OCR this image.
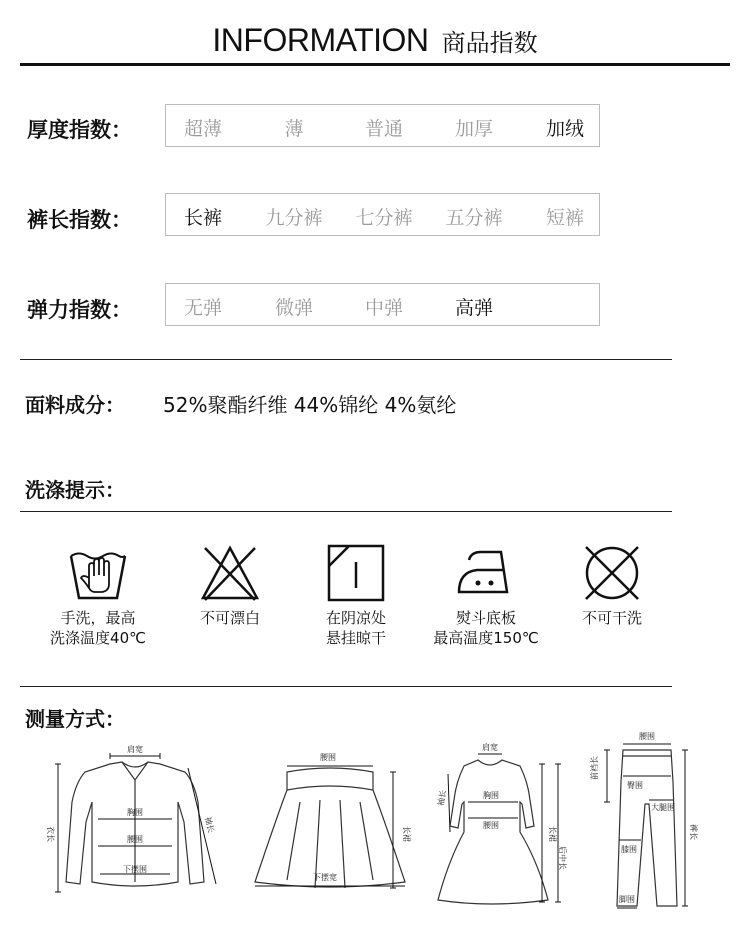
INFORMATION 商品指数
厚度指数：	超薄	薄	普通	加厚	加绒
裤长指数：	长裤	九分裤	七分裤	五分裤	短裤
弹力指数：	无弹	微弹	中弹	高弹
面料成分： 52%聚酯纤维 44%锦纶 4%氨纶
洗涤提示：
手洗，最高
洗涤温度40℃
不可漂白	在阴凉处
悬挂晾干
熨斗底板
最高温度150℃
不可干洗
测量方式：
肩宽
胸围
腰围
下摆围
袖长
衣长
腰围
下摆宽
长裙
肩宽
袖长	胸围
腰围
长裙
后中长
腰围
前裆长
臀围
大腿围
裤长
膝围
脚围
